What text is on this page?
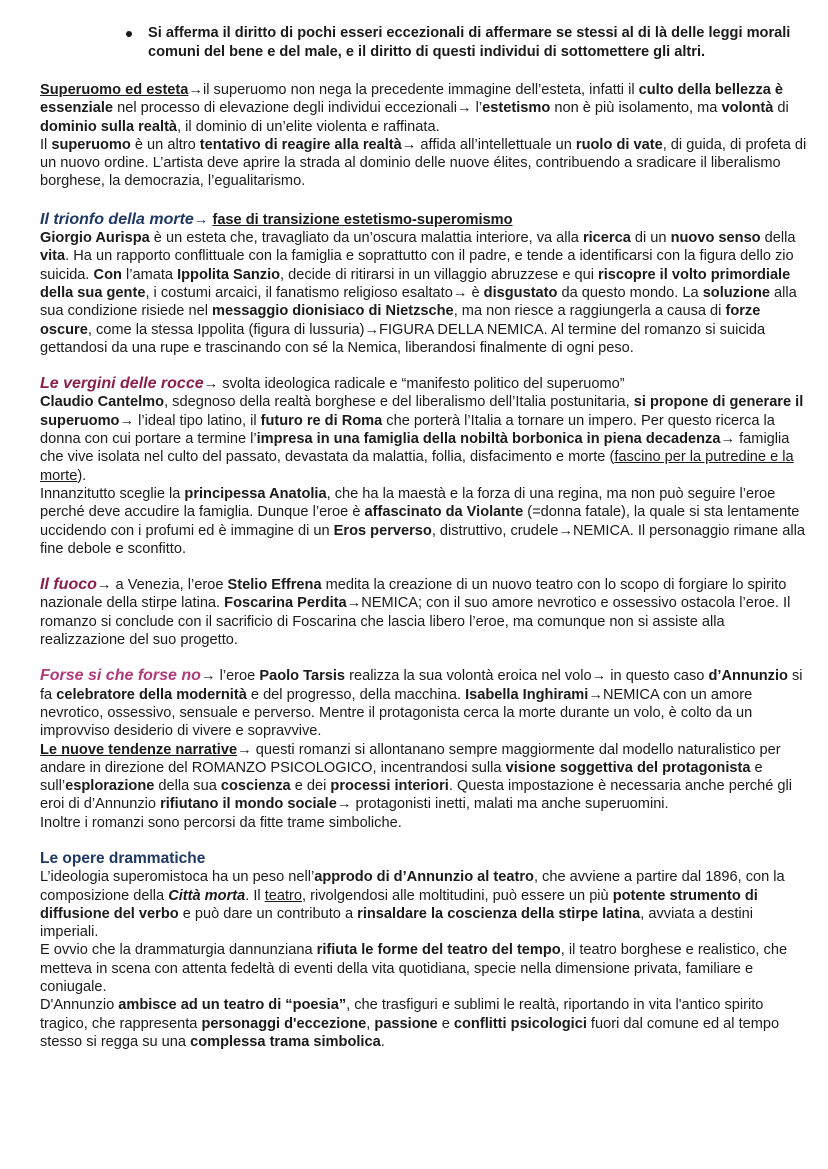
Si afferma il diritto di pochi esseri eccezionali di affermare se stessi al di là delle leggi morali comuni del bene e del male, e il diritto di questi individui di sottomettere gli altri.

Superuomo ed esteta→il superuomo non nega la precedente immagine dell’esteta, infatti il culto della bellezza è essenziale nel processo di elevazione degli individui eccezionali→ l’estetismo non è più isolamento, ma volontà di dominio sulla realtà, il dominio di un’elite violenta e raffinata.

Il superuomo è un altro tentativo di reagire alla realtà→ affida all’intellettuale un ruolo di vate, di guida, di profeta di un nuovo ordine. L’artista deve aprire la strada al dominio delle nuove élites, contribuendo a sradicare il liberalismo borghese, la democrazia, l’egualitarismo.

Il trionfo della morte→ fase di transizione estetismo-superomismo

Giorgio Aurispa è un esteta che, travagliato da un’oscura malattia interiore, va alla ricerca di un nuovo senso della vita. Ha un rapporto conflittuale con la famiglia e soprattutto con il padre, e tende a identificarsi con la figura dello zio suicida. Con l’amata Ippolita Sanzio, decide di ritirarsi in un villaggio abruzzese e qui riscopre il volto primordiale della sua gente, i costumi arcaici, il fanatismo religioso esaltato→ è disgustato da questo mondo. La soluzione alla sua condizione risiede nel messaggio dionisiaco di Nietzsche, ma non riesce a raggiungerla a causa di forze oscure, come la stessa Ippolita (figura di lussuria)→FIGURA DELLA NEMICA. Al termine del romanzo si suicida gettandosi da una rupe e trascinando con sé la Nemica, liberandosi finalmente di ogni peso.

Le vergini delle rocce→ svolta ideologica radicale e “manifesto politico del superuomo”

Claudio Cantelmo, sdegnoso della realtà borghese e del liberalismo dell’Italia postunitaria, si propone di generare il superuomo→ l’ideal tipo latino, il futuro re di Roma che porterà l’Italia a tornare un impero. Per questo ricerca la donna con cui portare a termine l’impresa in una famiglia della nobiltà borbonica in piena decadenza→ famiglia che vive isolata nel culto del passato, devastata da malattia, follia, disfacimento e morte (fascino per la putredine e la morte).

Innanzitutto sceglie la principessa Anatolia, che ha la maestà e la forza di una regina, ma non può seguire l’eroe perché deve accudire la famiglia. Dunque l’eroe è affascinato da Violante (=donna fatale), la quale si sta lentamente uccidendo con i profumi ed è immagine di un Eros perverso, distruttivo, crudele→NEMICA. Il personaggio rimane alla fine debole e sconfitto.

Il fuoco→ a Venezia, l’eroe Stelio Effrena medita la creazione di un nuovo teatro con lo scopo di forgiare lo spirito nazionale della stirpe latina. Foscarina Perdita→NEMICA; con il suo amore nevrotico e ossessivo ostacola l’eroe. Il romanzo si conclude con il sacrificio di Foscarina che lascia libero l’eroe, ma comunque non si assiste alla realizzazione del suo progetto.

Forse si che forse no→ l’eroe Paolo Tarsis realizza la sua volontà eroica nel volo→ in questo caso d’Annunzio si fa celebratore della modernità e del progresso, della macchina. Isabella Inghirami→NEMICA con un amore nevrotico, ossessivo, sensuale e perverso. Mentre il protagonista cerca la morte durante un volo, è colto da un improvviso desiderio di vivere e sopravvive.

Le nuove tendenze narrative→ questi romanzi si allontanano sempre maggiormente dal modello naturalistico per andare in direzione del ROMANZO PSICOLOGICO, incentrandosi sulla visione soggettiva del protagonista e sull’esplorazione della sua coscienza e dei processi interiori. Questa impostazione è necessaria anche perché gli eroi di d’Annunzio rifiutano il mondo sociale→ protagonisti inetti, malati ma anche superuomini.

Inoltre i romanzi sono percorsi da fitte trame simboliche.

Le opere drammatiche

L’ideologia superomistoca ha un peso nell’approdo di d’Annunzio al teatro, che avviene a partire dal 1896, con la composizione della Città morta. Il teatro, rivolgendosi alle moltitudini, può essere un più potente strumento di diffusione del verbo e può dare un contributo a rinsaldare la coscienza della stirpe latina, avviata a destini imperiali.

E ovvio che la drammaturgia dannunziana rifiuta le forme del teatro del tempo, il teatro borghese e realistico, che metteva in scena con attenta fedeltà di eventi della vita quotidiana, specie nella dimensione privata, familiare e coniugale.

D'Annunzio ambisce ad un teatro di “poesia”, che trasfiguri e sublimi le realtà, riportando in vita l'antico spirito tragico, che rappresenta personaggi d'eccezione, passione e conflitti psicologici fuori dal comune ed al tempo stesso si regga su una complessa trama simbolica.
